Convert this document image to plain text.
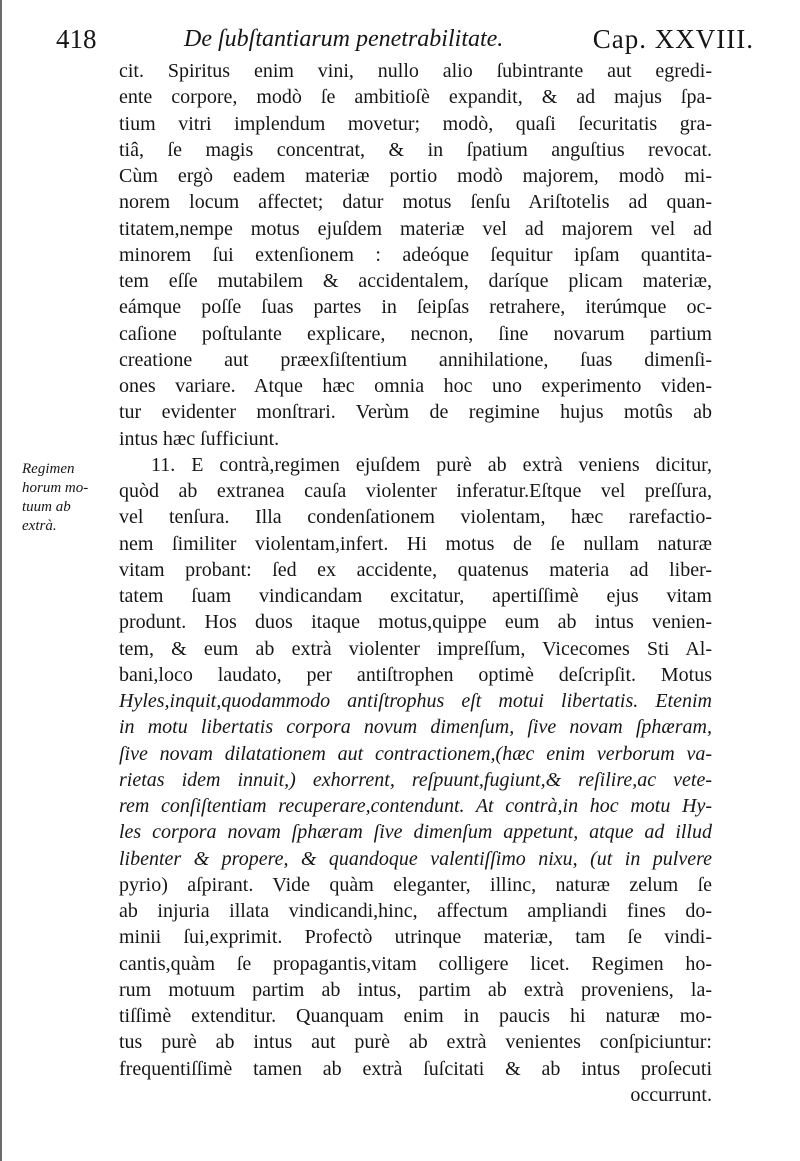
418	De ſubſtantiarum penetrabilitate.	Cap. XXVIII.
Regimen
horum mo-
tuum ab
extrà.
cit. Spiritus enim vini, nullo alio ſubintrante aut egredi-
ente corpore, modò ſe ambitioſè expandit, & ad majus ſpa-
tium vitri implendum movetur; modò, quaſi ſecuritatis gra-
tiâ, ſe magis concentrat, & in ſpatium anguſtius revocat.
Cùm ergò eadem materiæ portio modò majorem, modò mi-
norem locum affectet; datur motus ſenſu Ariſtotelis ad quan-
titatem,nempe motus ejuſdem materiæ vel ad majorem vel ad
minorem ſui extenſionem : adeóque ſequitur ipſam quantita-
tem eſſe mutabilem & accidentalem, daríque plicam materiæ,
eámque poſſe ſuas partes in ſeipſas retrahere, iterúmque oc-
caſione poſtulante explicare, necnon, ſine novarum partium
creatione aut præexſiſtentium annihilatione, ſuas dimenſi-
ones variare. Atque hæc omnia hoc uno experimento viden-
tur evidenter monſtrari. Verùm de regimine hujus motûs ab
intus hæc ſufficiunt.
11. E contrà,regimen ejuſdem purè ab extrà veniens dicitur,
quòd ab extranea cauſa violenter inferatur.Eſtque vel preſſura,
vel tenſura. Illa condenſationem violentam, hæc rarefactio-
nem ſimiliter violentam,infert. Hi motus de ſe nullam naturæ
vitam probant: ſed ex accidente, quatenus materia ad liber-
tatem ſuam vindicandam excitatur, apertiſſimè ejus vitam
produnt. Hos duos itaque motus,quippe eum ab intus venien-
tem, & eum ab extrà violenter impreſſum, Vicecomes Sti Al-
bani,loco laudato, per antiſtrophen optimè deſcripſit. Motus
Hyles,inquit,quodammodo antiſtrophus eſt motui libertatis. Etenim
in motu libertatis corpora novum dimenſum, ſive novam ſphæram,
ſive novam dilatationem aut contractionem,(hæc enim verborum va-
rietas idem innuit,) exhorrent, reſpuunt,fugiunt,& reſilire,ac vete-
rem conſiſtentiam recuperare,contendunt. At contrà,in hoc motu Hy-
les corpora novam ſphæram ſive dimenſum appetunt, atque ad illud
libenter & propere, & quandoque valentiſſimo nixu, (ut in pulvere
pyrio) aſpirant. Vide quàm eleganter, illinc, naturæ zelum ſe
ab injuria illata vindicandi,hinc, affectum ampliandi fines do-
minii ſui,exprimit. Profectò utrinque materiæ, tam ſe vindi-
cantis,quàm ſe propagantis,vitam colligere licet. Regimen ho-
rum motuum partim ab intus, partim ab extrà proveniens, la-
tiſſimè extenditur. Quanquam enim in paucis hi naturæ mo-
tus purè ab intus aut purè ab extrà venientes conſpiciuntur:
frequentiſſimè tamen ab extrà ſuſcitati & ab intus proſecuti
occurrunt.
